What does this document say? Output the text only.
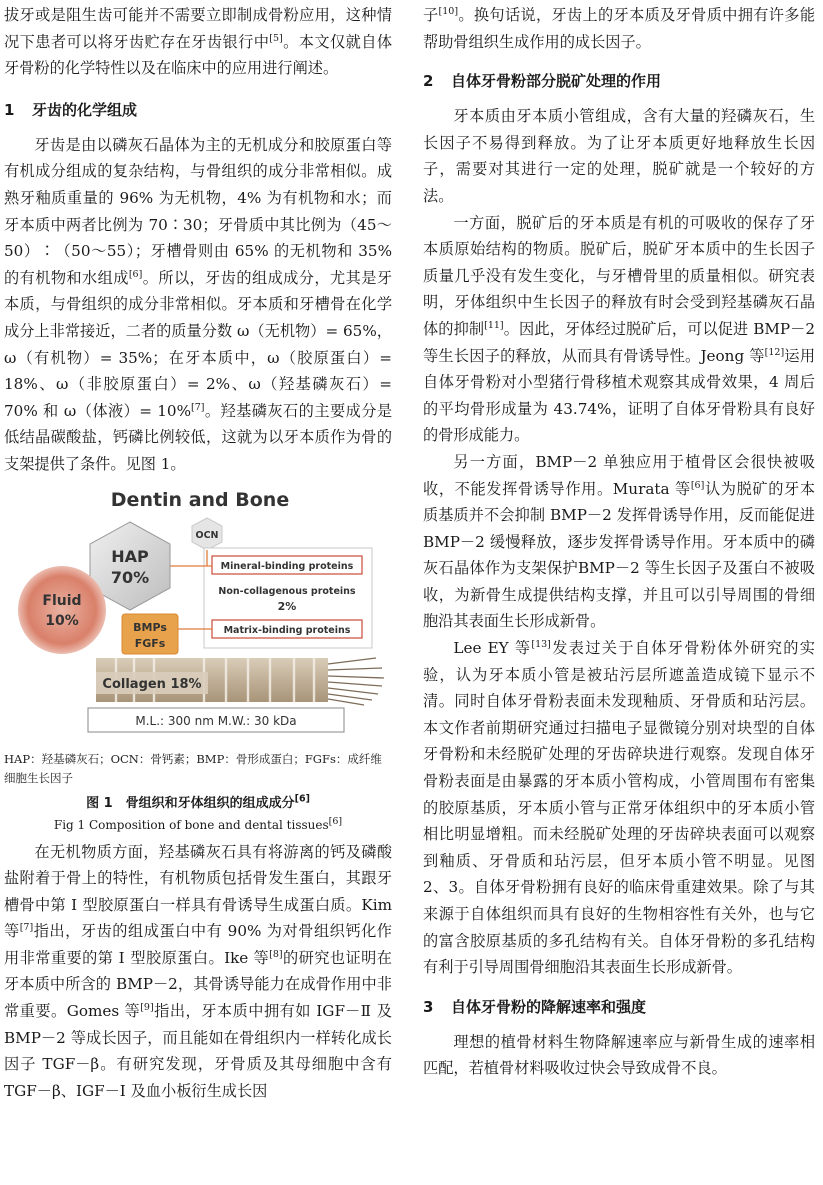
拔牙或是阻生齿可能并不需要立即制成骨粉应用，这种情况下患者可以将牙齿贮存在牙齿银行中[5]。本文仅就自体牙骨粉的化学特性以及在临床中的应用进行阐述。

1 牙齿的化学组成

牙齿是由以磷灰石晶体为主的无机成分和胶原蛋白等有机成分组成的复杂结构，与骨组织的成分非常相似。成熟牙釉质重量的 96% 为无机物，4% 为有机物和水；而牙本质中两者比例为 70∶30；牙骨质中其比例为（45～50）∶（50～55）；牙槽骨则由 65% 的无机物和 35% 的有机物和水组成[6]。所以，牙齿的组成成分，尤其是牙本质，与骨组织的成分非常相似。牙本质和牙槽骨在化学成分上非常接近，二者的质量分数 ω（无机物）= 65%，ω（有机物）= 35%；在牙本质中，ω（胶原蛋白）= 18%、ω（非胶原蛋白）= 2%、ω（羟基磷灰石）= 70% 和 ω（体液）= 10%[7]。羟基磷灰石的主要成分是低结晶碳酸盐，钙磷比例较低，这就为以牙本质作为骨的支架提供了条件。见图 1。

Dentin and Bone
HAP
70%
OCN
Fluid
10%
Mineral-binding proteins
Non-collagenous proteins
2%
Matrix-binding proteins
BMPs
FGFs
Collagen 18%
M.L.: 300 nm M.W.: 30 kDa
HAP：羟基磷灰石；OCN：骨钙素；BMP：骨形成蛋白；FGFs：成纤维细胞生长因子
图 1　骨组织和牙体组织的组成成分[6]
Fig 1 Composition of bone and dental tissues[6]

在无机物质方面，羟基磷灰石具有将游离的钙及磷酸盐附着于骨上的特性，有机物质包括骨发生蛋白，其跟牙槽骨中第 Ⅰ 型胶原蛋白一样具有骨诱导生成蛋白质。Kim 等[7]指出，牙齿的组成蛋白中有 90% 为对骨组织钙化作用非常重要的第 Ⅰ 型胶原蛋白。Ike 等[8]的研究也证明在牙本质中所含的 BMP－2，其骨诱导能力在成骨作用中非常重要。Gomes 等[9]指出，牙本质中拥有如 IGF－Ⅱ 及 BMP－2 等成长因子，而且能如在骨组织内一样转化成长因子 TGF－β。有研究发现，牙骨质及其母细胞中含有 TGF－β、IGF－Ⅰ 及血小板衍生成长因

子[10]。换句话说，牙齿上的牙本质及牙骨质中拥有许多能帮助骨组织生成作用的成长因子。

2 自体牙骨粉部分脱矿处理的作用

牙本质由牙本质小管组成，含有大量的羟磷灰石，生长因子不易得到释放。为了让牙本质更好地释放生长因子，需要对其进行一定的处理，脱矿就是一个较好的方法。

一方面，脱矿后的牙本质是有机的可吸收的保存了牙本质原始结构的物质。脱矿后，脱矿牙本质中的生长因子质量几乎没有发生变化，与牙槽骨里的质量相似。研究表明，牙体组织中生长因子的释放有时会受到羟基磷灰石晶体的抑制[11]。因此，牙体经过脱矿后，可以促进 BMP－2 等生长因子的释放，从而具有骨诱导性。Jeong 等[12]运用自体牙骨粉对小型猪行骨移植术观察其成骨效果，4 周后的平均骨形成量为 43.74%，证明了自体牙骨粉具有良好的骨形成能力。

另一方面，BMP－2 单独应用于植骨区会很快被吸收，不能发挥骨诱导作用。Murata 等[6]认为脱矿的牙本质基质并不会抑制 BMP－2 发挥骨诱导作用，反而能促进 BMP－2 缓慢释放，逐步发挥骨诱导作用。牙本质中的磷灰石晶体作为支架保护BMP－2 等生长因子及蛋白不被吸收，为新骨生成提供结构支撑，并且可以引导周围的骨细胞沿其表面生长形成新骨。

Lee EY 等[13]发表过关于自体牙骨粉体外研究的实验，认为牙本质小管是被玷污层所遮盖造成镜下显示不清。同时自体牙骨粉表面未发现釉质、牙骨质和玷污层。本文作者前期研究通过扫描电子显微镜分别对块型的自体牙骨粉和未经脱矿处理的牙齿碎块进行观察。发现自体牙骨粉表面是由暴露的牙本质小管构成，小管周围布有密集的胶原基质，牙本质小管与正常牙体组织中的牙本质小管相比明显增粗。而未经脱矿处理的牙齿碎块表面可以观察到釉质、牙骨质和玷污层，但牙本质小管不明显。见图 2、3。自体牙骨粉拥有良好的临床骨重建效果。除了与其来源于自体组织而具有良好的生物相容性有关外，也与它的富含胶原基质的多孔结构有关。自体牙骨粉的多孔结构有利于引导周围骨细胞沿其表面生长形成新骨。

3 自体牙骨粉的降解速率和强度

理想的植骨材料生物降解速率应与新骨生成的速率相匹配，若植骨材料吸收过快会导致成骨不良。
